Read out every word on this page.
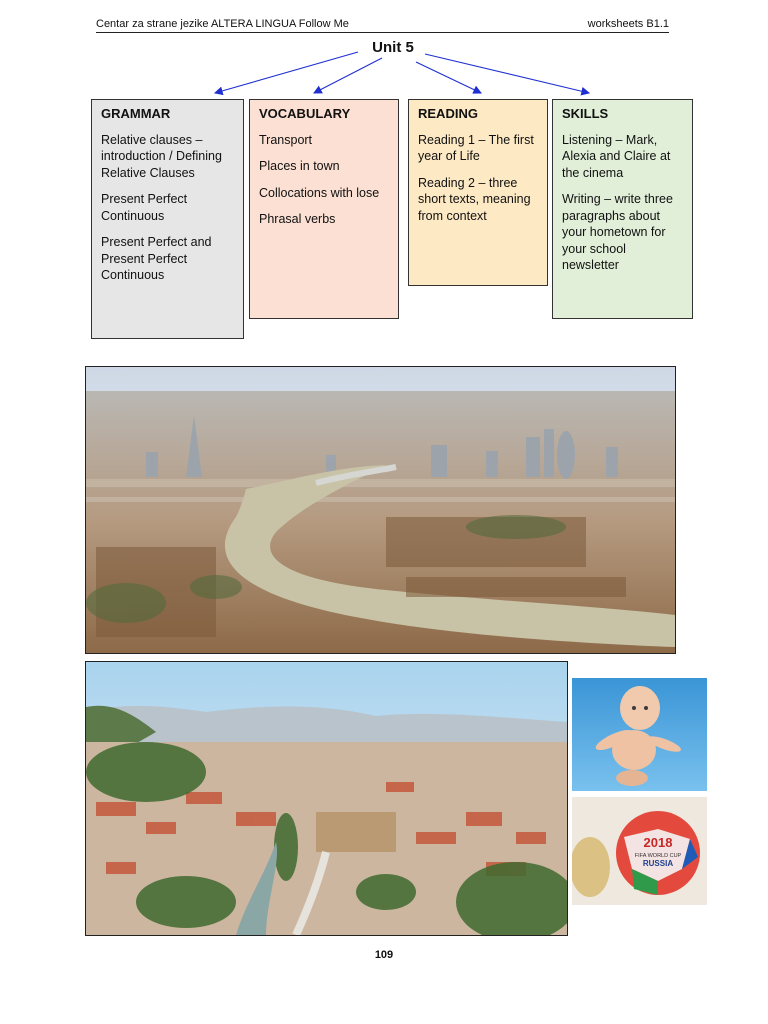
Centar za strane jezike ALTERA LINGUA Follow Me	worksheets B1.1
Unit 5
GRAMMAR

Relative clauses – introduction / Defining Relative Clauses

Present Perfect Continuous

Present Perfect and Present Perfect Continuous

VOCABULARY

Transport

Places in town

Collocations with lose

Phrasal verbs

READING

Reading 1 – The first year of Life

Reading 2 – three short texts, meaning from context

SKILLS

Listening – Mark, Alexia and Claire at the cinema

Writing – write three paragraphs about your hometown for your school newsletter

2018
FIFA WORLD CUP
RUSSIA
109
